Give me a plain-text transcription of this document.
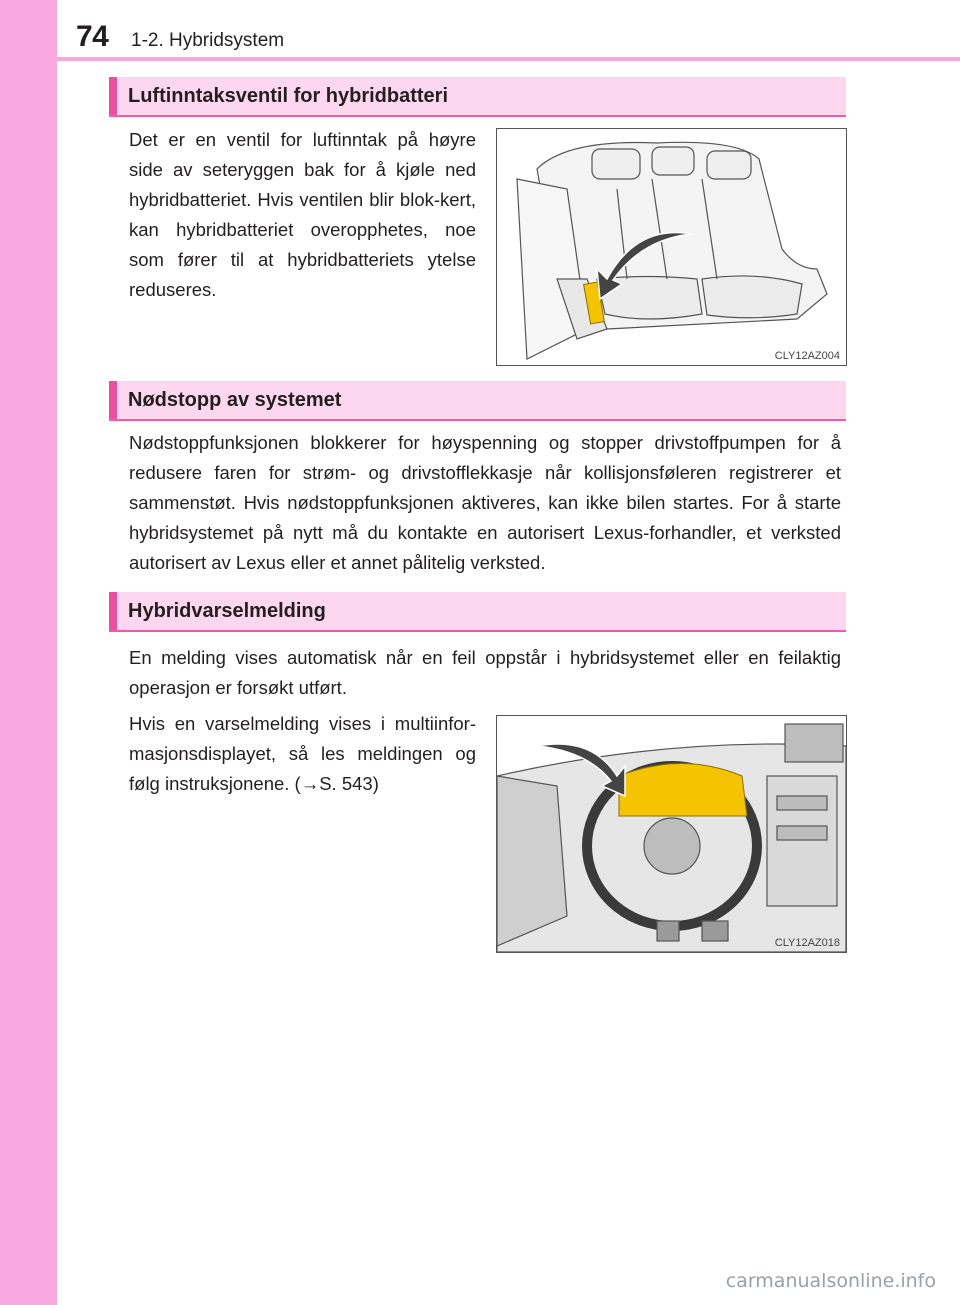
74 1-2. Hybridsystem
Luftinntaksventil for hybridbatteri
Det er en ventil for luftinntak på høyre side av seteryggen bak for å kjøle ned hybridbatteriet. Hvis ventilen blir blok-kert, kan hybridbatteriet overopphetes, noe som fører til at hybridbatteriets ytelse reduseres.
CLY12AZ004
Nødstopp av systemet
Nødstoppfunksjonen blokkerer for høyspenning og stopper drivstoffpumpen for å redusere faren for strøm- og drivstofflekkasje når kollisjonsføleren registrerer et sammenstøt. Hvis nødstoppfunksjonen aktiveres, kan ikke bilen startes. For å starte hybridsystemet på nytt må du kontakte en autorisert Lexus-forhandler, et verksted autorisert av Lexus eller et annet pålitelig verksted.
Hybridvarselmelding
En melding vises automatisk når en feil oppstår i hybridsystemet eller en feilaktig operasjon er forsøkt utført.
Hvis en varselmelding vises i multiinfor-masjonsdisplayet, så les meldingen og følg instruksjonene. (→S. 543)
CLY12AZ018
carmanualsonline.info
